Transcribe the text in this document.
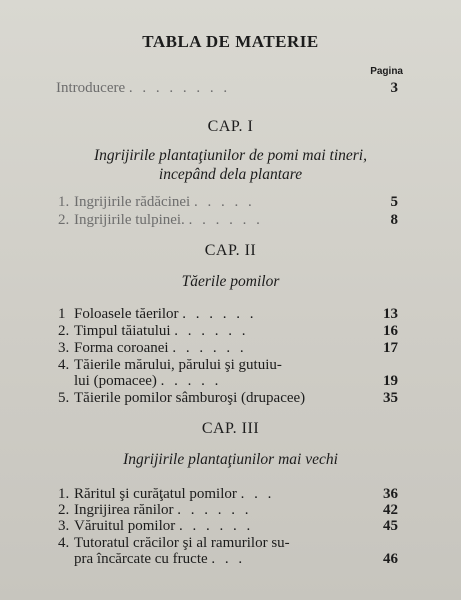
TABLA DE MATERIE
Pagina
Introducere . . . . . . . .	3
CAP. I
Ingrijirile plantaţiunilor de pomi mai tineri,
incepând dela plantare
1. Ingrijirile rădăcinei . . . . .	5
2. Ingrijirile tulpinei. . . . . . .	8
CAP. II
Tăerile pomilor
1 Foloasele tăerilor . . . . . .	13
2. Timpul tăiatului . . . . . .	16
3. Forma coroanei . . . . . .	17
4. Tăierile mărului, părului şi gutuiu-
lui (pomacee) . . . . .	19
5. Tăierile pomilor sâmburoşi (drupacee)	35
CAP. III
Ingrijirile plantaţiunilor mai vechi
1. Răritul şi curăţatul pomilor . . .	36
2. Ingrijirea rănilor . . . . . .	42
3. Văruitul pomilor . . . . . .	45
4. Tutoratul crăcilor şi al ramurilor su-
pra încărcate cu fructe . . .	46
